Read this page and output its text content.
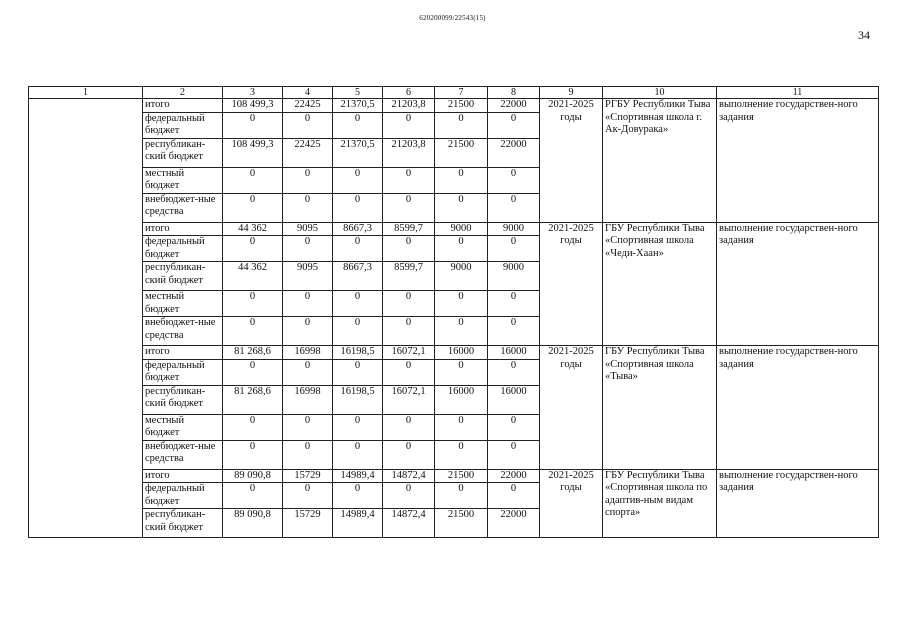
620200099/22543(15)
34
1	2	3	4	5	6	7	8	9	10	11
	итого	108 499,3	22425	21370,5	21203,8	21500	22000	2021-2025 годы	РГБУ Республики Тыва «Спортивная школа г. Ак-Довурака»	выполнение государствен-ного задания
	федеральный бюджет	0	0	0	0	0	0			
	республикан-ский бюджет	108 499,3	22425	21370,5	21203,8	21500	22000			
	местный бюджет	0	0	0	0	0	0			
	внебюджет-ные средства	0	0	0	0	0	0			
	итого	44 362	9095	8667,3	8599,7	9000	9000	2021-2025 годы	ГБУ Республики Тыва «Спортивная школа «Чеди-Хаан»	выполнение государствен-ного задания
	федеральный бюджет	0	0	0	0	0	0			
	республикан-ский бюджет	44 362	9095	8667,3	8599,7	9000	9000			
	местный бюджет	0	0	0	0	0	0			
	внебюджет-ные средства	0	0	0	0	0	0			
	итого	81 268,6	16998	16198,5	16072,1	16000	16000	2021-2025 годы	ГБУ Республики Тыва «Спортивная школа «Тыва»	выполнение государствен-ного задания
	федеральный бюджет	0	0	0	0	0	0			
	республикан-ский бюджет	81 268,6	16998	16198,5	16072,1	16000	16000			
	местный бюджет	0	0	0	0	0	0			
	внебюджет-ные средства	0	0	0	0	0	0			
	итого	89 090,8	15729	14989,4	14872,4	21500	22000	2021-2025 годы	ГБУ Республики Тыва «Спортивная школа по адаптив-ным видам спорта»	выполнение государствен-ного задания
	федеральный бюджет	0	0	0	0	0	0			
	республикан-ский бюджет	89 090,8	15729	14989,4	14872,4	21500	22000			
